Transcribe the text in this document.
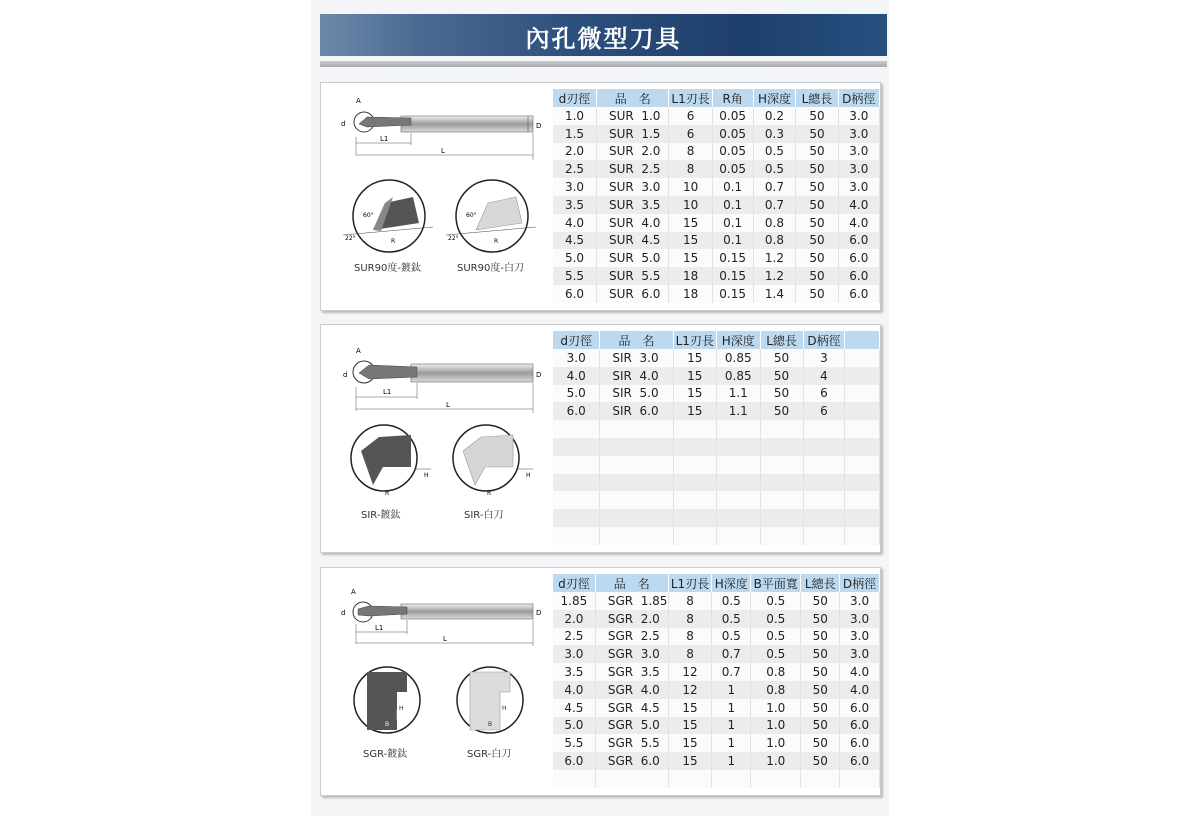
內孔微型刀具
A
D
d
L1
L
60°
22°	R
60°
22°	R
SUR90度-鍍鈦	SUR90度-白刀
d刃徑	品　名	L1刃長	R角	H深度	L總長	D柄徑
1.0	SUR  1.0	6	0.05	0.2	50	3.0
1.5	SUR  1.5	6	0.05	0.3	50	3.0
2.0	SUR  2.0	8	0.05	0.5	50	3.0
2.5	SUR  2.5	8	0.05	0.5	50	3.0
3.0	SUR  3.0	10	0.1	0.7	50	3.0
3.5	SUR  3.5	10	0.1	0.7	50	4.0
4.0	SUR  4.0	15	0.1	0.8	50	4.0
4.5	SUR  4.5	15	0.1	0.8	50	6.0
5.0	SUR  5.0	15	0.15	1.2	50	6.0
5.5	SUR  5.5	18	0.15	1.2	50	6.0
6.0	SUR  6.0	18	0.15	1.4	50	6.0
A
D
d
L1
L
H
R
H
R
SIR-鍍鈦	SIR-白刀
d刃徑	品　名	L1刃長	H深度	L總長	D柄徑	
3.0	SIR  3.0	15	0.85	50	3	
4.0	SIR  4.0	15	0.85	50	4	
5.0	SIR  5.0	15	1.1	50	6	
6.0	SIR  6.0	15	1.1	50	6	

A
D
d
L1
L
H
B
H
B
SGR-鍍鈦	SGR-白刀
d刃徑	品　名	L1刃長	H深度	B平面寬	L總長	D柄徑
1.85	SGR  1.85	8	0.5	0.5	50	3.0
2.0	SGR  2.0	8	0.5	0.5	50	3.0
2.5	SGR  2.5	8	0.5	0.5	50	3.0
3.0	SGR  3.0	8	0.7	0.5	50	3.0
3.5	SGR  3.5	12	0.7	0.8	50	4.0
4.0	SGR  4.0	12	1	0.8	50	4.0
4.5	SGR  4.5	15	1	1.0	50	6.0
5.0	SGR  5.0	15	1	1.0	50	6.0
5.5	SGR  5.5	15	1	1.0	50	6.0
6.0	SGR  6.0	15	1	1.0	50	6.0
